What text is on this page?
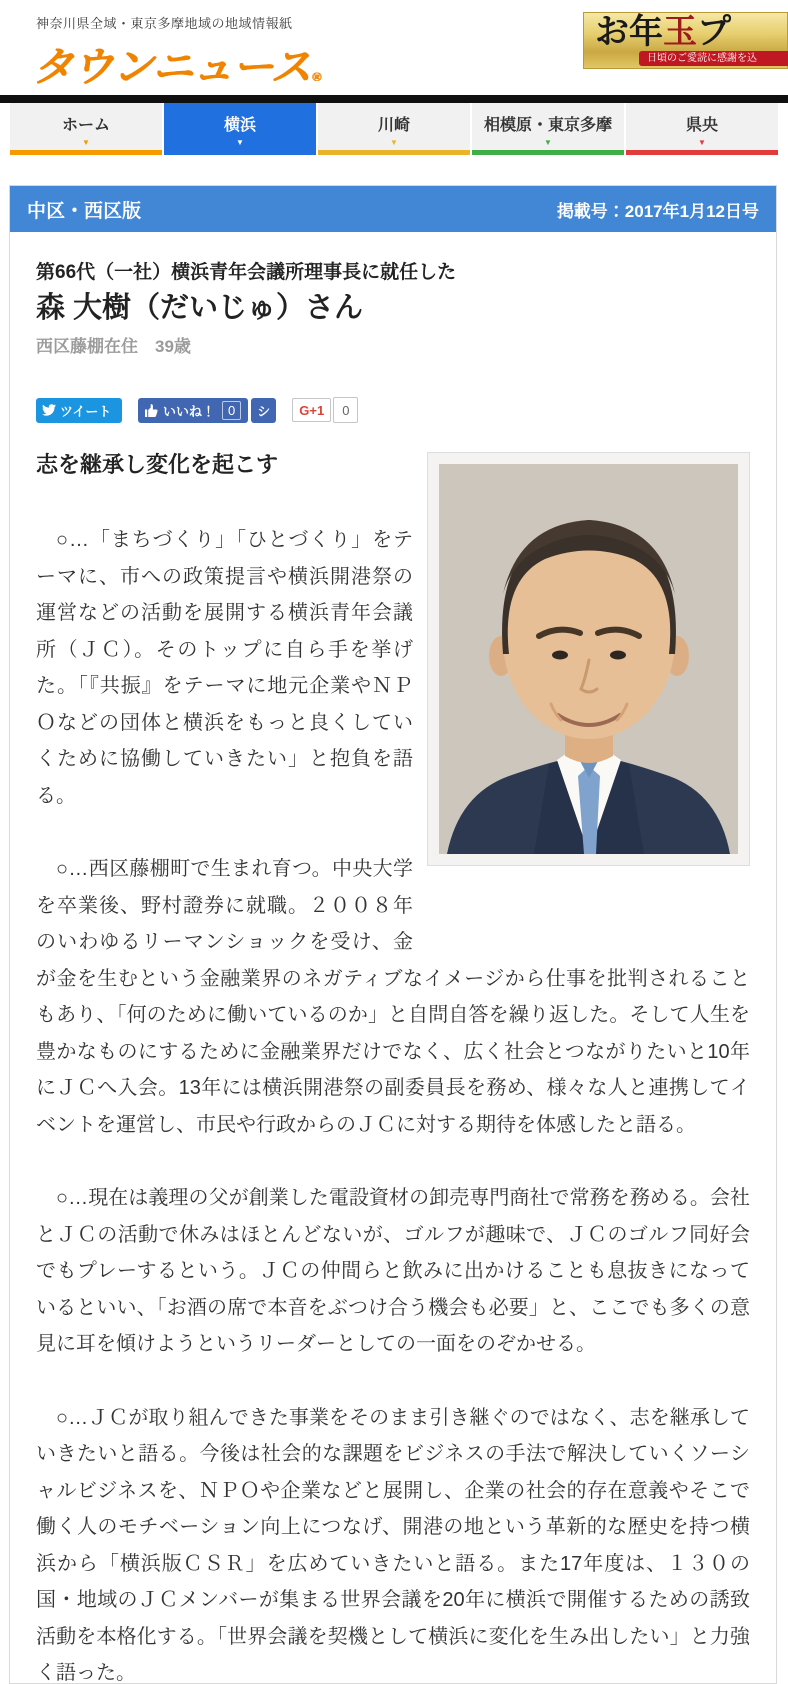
神奈川県全域・東京多摩地域の地域情報紙
タウンニュース ®
お年玉プ
日頃のご愛読に感謝を込
ホーム
▼
横浜
▼
川崎
▼
相模原・東京多摩
▼
県央
▼
中区・西区版	掲載号：2017年1月12日号
第66代（一社）横浜青年会議所理事長に就任した
森 大樹（だいじゅ）さん
西区藤棚在住　39歳
ツイート	いいね！	0	シ G+1	0
志を継承し変化を起こす

○…「まちづくり」「ひとづくり」をテーマに、市への政策提言や横浜開港祭の運営などの活動を展開する横浜青年会議所（ＪＣ）。そのトップに自ら手を挙げた。「『共振』をテーマに地元企業やＮＰＯなどの団体と横浜をもっと良くしていくために協働していきたい」と抱負を語る。

○…西区藤棚町で生まれ育つ。中央大学を卒業後、野村證券に就職。２００８年のいわゆるリーマンショックを受け、金が金を生むという金融業界のネガティブなイメージから仕事を批判されることもあり、「何のために働いているのか」と自問自答を繰り返した。そして人生を豊かなものにするために金融業界だけでなく、広く社会とつながりたいと10年にＪＣへ入会。13年には横浜開港祭の副委員長を務め、様々な人と連携してイベントを運営し、市民や行政からのＪＣに対する期待を体感したと語る。

○…現在は義理の父が創業した電設資材の卸売専門商社で常務を務める。会社とＪＣの活動で休みはほとんどないが、ゴルフが趣味で、ＪＣのゴルフ同好会でもプレーするという。ＪＣの仲間らと飲みに出かけることも息抜きになっているといい、「お酒の席で本音をぶつけ合う機会も必要」と、ここでも多くの意見に耳を傾けようというリーダーとしての一面をのぞかせる。

○…ＪＣが取り組んできた事業をそのまま引き継ぐのではなく、志を継承していきたいと語る。今後は社会的な課題をビジネスの手法で解決していくソーシャルビジネスを、ＮＰＯや企業などと展開し、企業の社会的存在意義やそこで働く人のモチベーション向上につなげ、開港の地という革新的な歴史を持つ横浜から「横浜版ＣＳＲ」を広めていきたいと語る。また17年度は、１３０の国・地域のＪＣメンバーが集まる世界会議を20年に横浜で開催するための誘致活動を本格化する。「世界会議を契機として横浜に変化を生み出したい」と力強く語った。
